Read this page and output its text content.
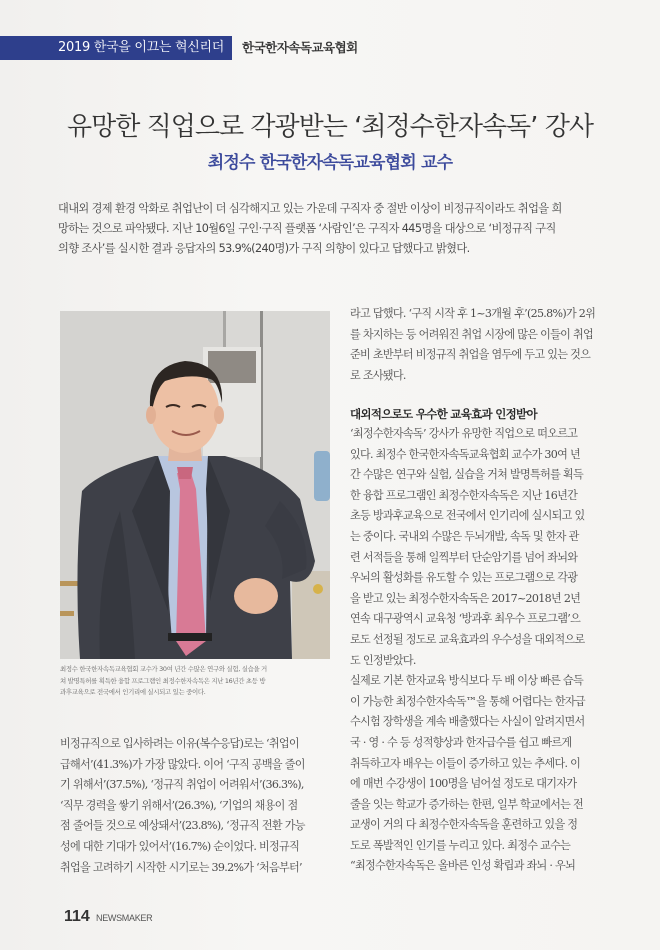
2019 한국을 이끄는 혁신리더	한국한자속독교육협회
유망한 직업으로 각광받는 ‘최정수한자속독’ 강사
최정수 한국한자속독교육협회 교수
대내외 경제 환경 악화로 취업난이 더 심각해지고 있는 가운데 구직자 중 절반 이상이 비정규직이라도 취업을 희
망하는 것으로 파악됐다. 지난 10월6일 구인·구직 플랫폼 ‘사람인’은 구직자 445명을 대상으로 ‘비정규직 구직
의향 조사’를 실시한 결과 응답자의 53.9%(240명)가 구직 의향이 있다고 답했다고 밝혔다.
최정수 한국한자속독교육협회 교수가 30여 년간 수많은 연구와 실험, 실습을 거
쳐 발명특허를 획득한 융합 프로그램인 최정수한자속독은 지난 16년간 초등 방
과후교육으로 전국에서 인기리에 실시되고 있는 중이다.
비정규직으로 입사하려는 이유(복수응답)로는 ‘취업이
급해서’(41.3%)가 가장 많았다. 이어 ‘구직 공백을 줄이
기 위해서’(37.5%), ‘정규직 취업이 어려워서’(36.3%),
‘직무 경력을 쌓기 위해서’(26.3%), ‘기업의 채용이 점
점 줄어들 것으로 예상돼서’(23.8%), ‘정규직 전환 가능
성에 대한 기대가 있어서’(16.7%) 순이었다. 비정규직
취업을 고려하기 시작한 시기로는 39.2%가 ‘처음부터’
라고 답했다. ‘구직 시작 후 1~3개월 후’(25.8%)가 2위
를 차지하는 등 어려워진 취업 시장에 많은 이들이 취업
준비 초반부터 비정규직 취업을 염두에 두고 있는 것으
로 조사됐다.
대외적으로도 우수한 교육효과 인정받아
‘최정수한자속독’ 강사가 유망한 직업으로 떠오르고
있다. 최정수 한국한자속독교육협회 교수가 30여 년
간 수많은 연구와 실험, 실습을 거쳐 발명특허를 획득
한 융합 프로그램인 최정수한자속독은 지난 16년간
초등 방과후교육으로 전국에서 인기리에 실시되고 있
는 중이다. 국내외 수많은 두뇌개발, 속독 및 한자 관
련 서적들을 통해 일찍부터 단순암기를 넘어 좌뇌와
우뇌의 활성화를 유도할 수 있는 프로그램으로 각광
을 받고 있는 최정수한자속독은 2017~2018년 2년
연속 대구광역시 교육청 ‘방과후 최우수 프로그램’으
로도 선정될 정도로 교육효과의 우수성을 대외적으로
도 인정받았다.
실제로 기본 한자교육 방식보다 두 배 이상 빠른 습득
이 가능한 최정수한자속독™을 통해 어렵다는 한자급
수시험 장학생을 계속 배출했다는 사실이 알려지면서
국 · 영 · 수 등 성적향상과 한자급수를 쉽고 빠르게
취득하고자 배우는 이들이 증가하고 있는 추세다. 이
에 매번 수강생이 100명을 넘어설 정도로 대기자가
줄을 잇는 학교가 증가하는 한편, 일부 학교에서는 전
교생이 거의 다 최정수한자속독을 훈련하고 있을 정
도로 폭발적인 인기를 누리고 있다. 최정수 교수는
“최정수한자속독은 올바른 인성 확립과 좌뇌 · 우뇌
114 NEWSMAKER
